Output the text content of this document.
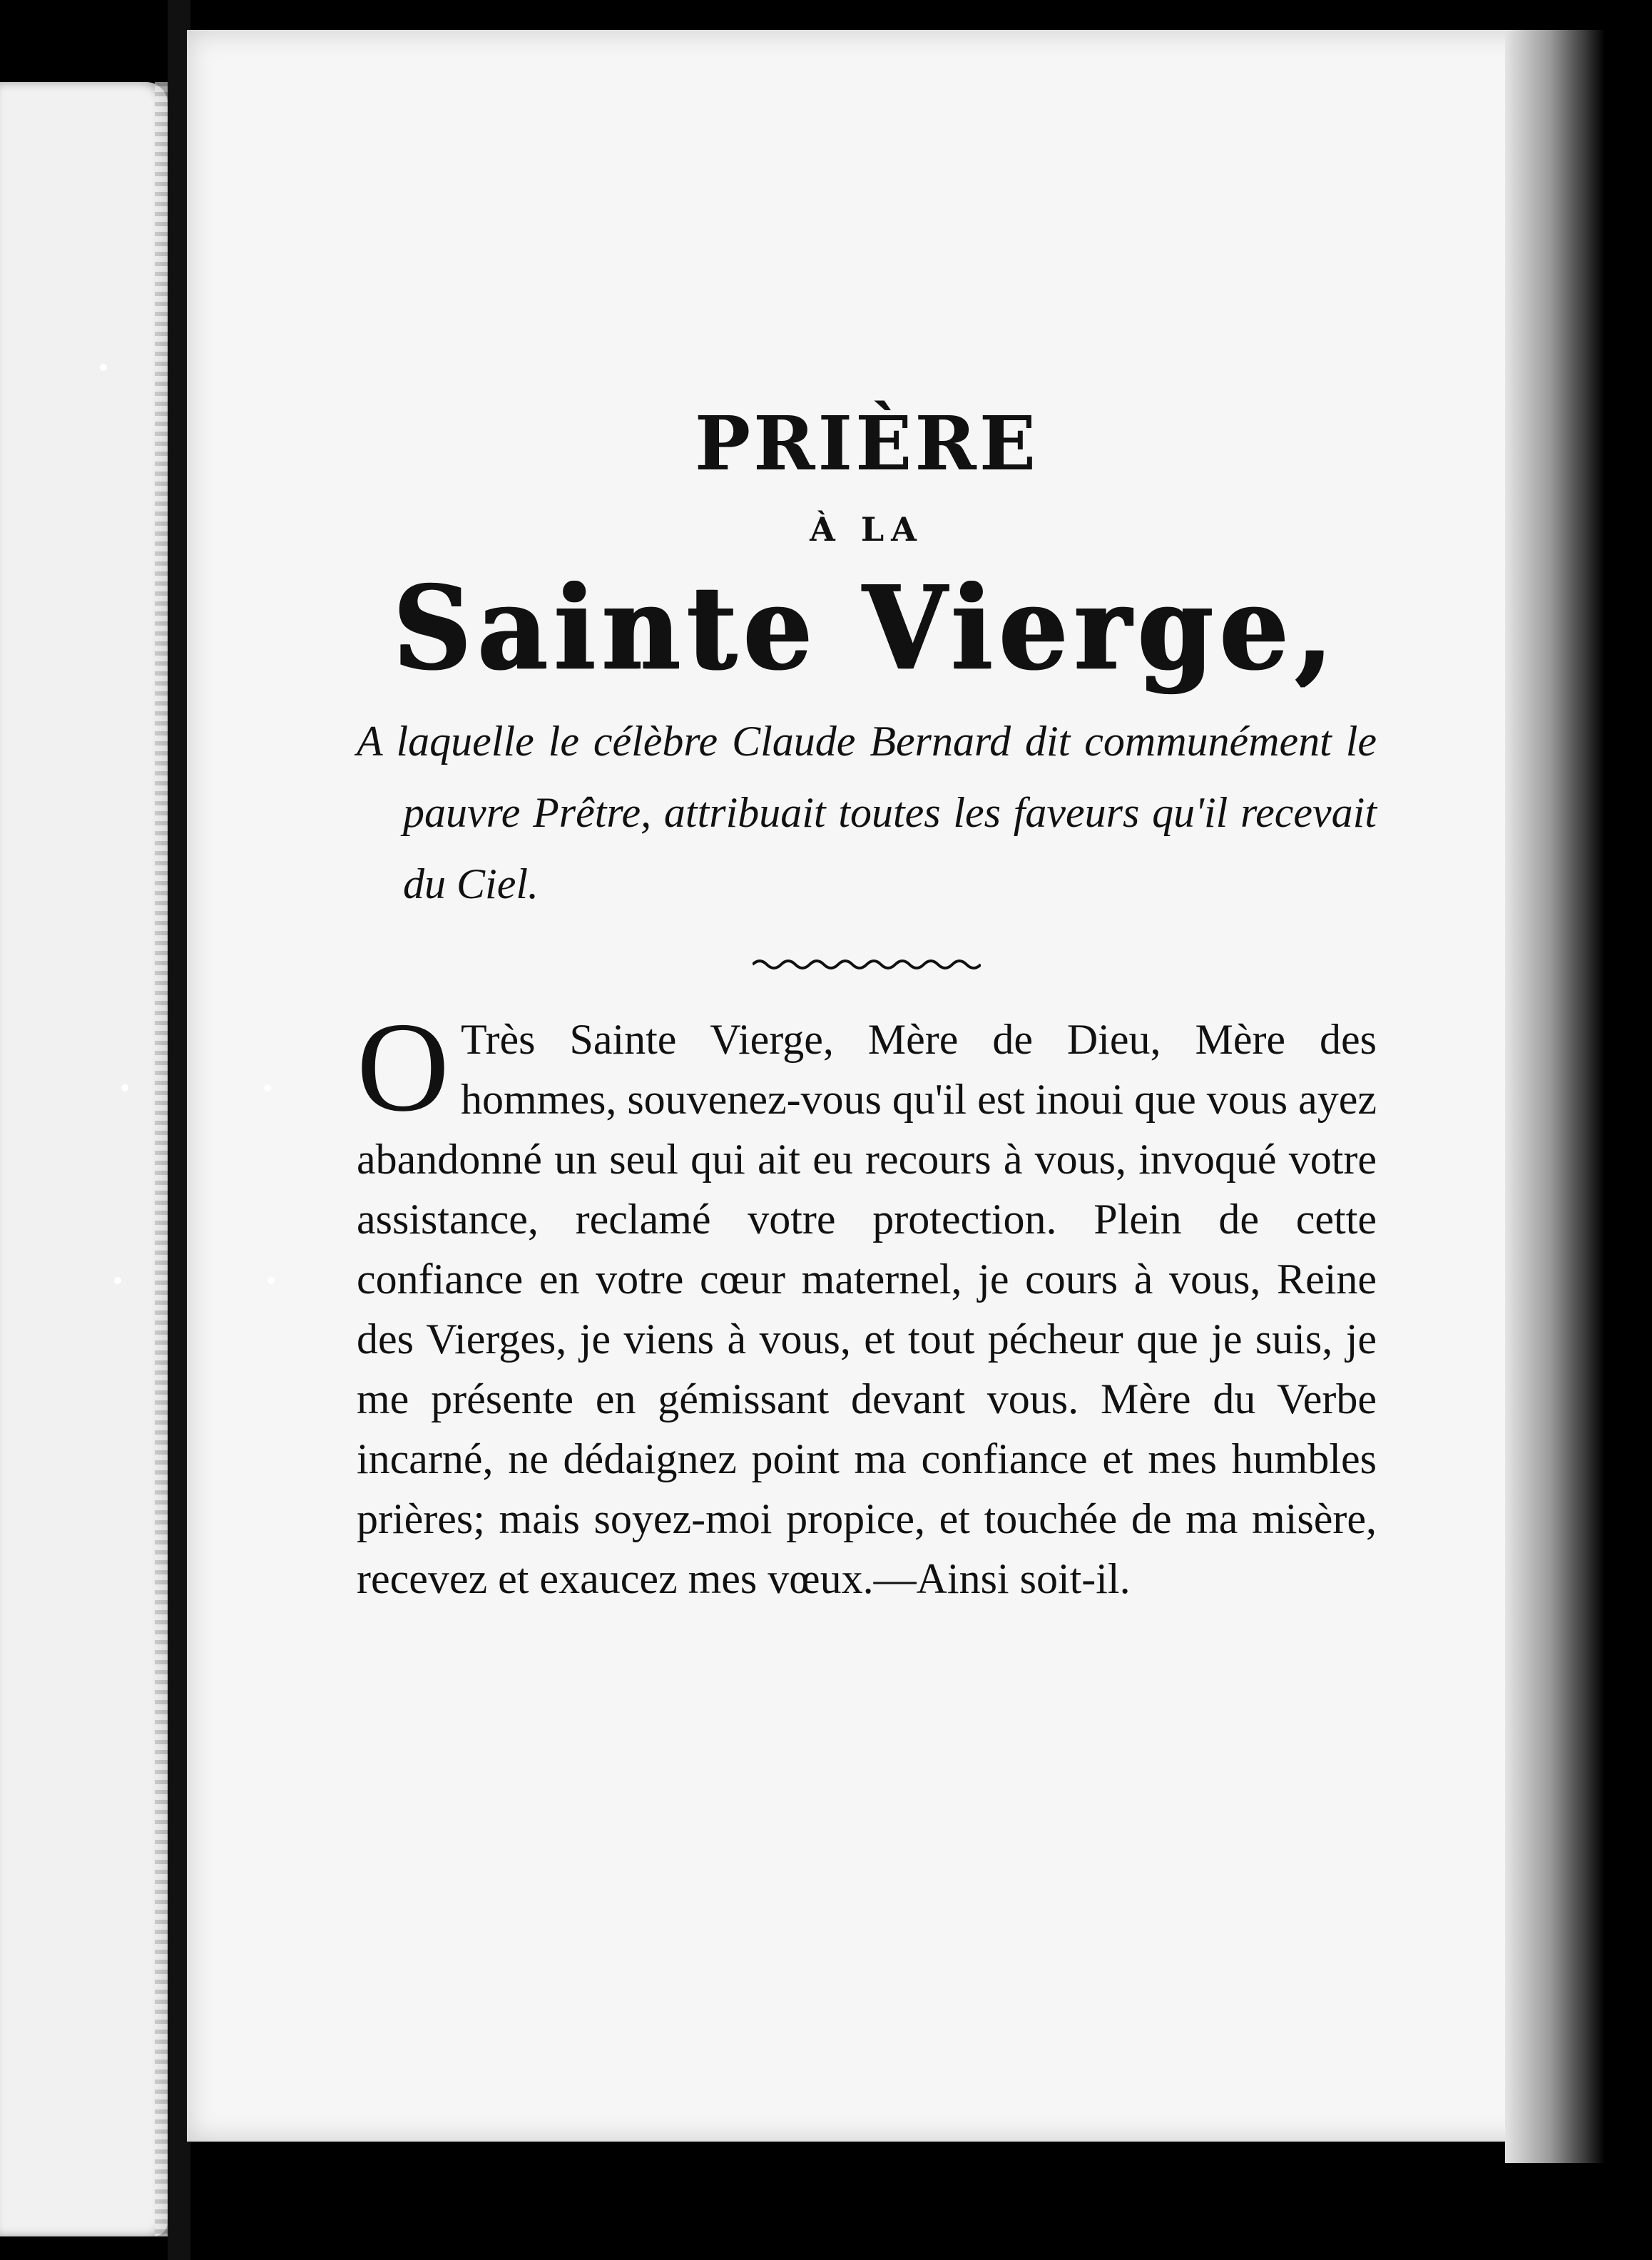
PRIÈRE
À LA
Sainte Vierge,

A laquelle le célèbre Claude Bernard dit communément le pauvre Prêtre, attribuait toutes les faveurs qu'il recevait du Ciel.

O Très Sainte Vierge, Mère de Dieu, Mère des hommes, souvenez-vous qu'il est inoui que vous ayez abandonné un seul qui ait eu recours à vous, invoqué votre assistance, reclamé votre protection. Plein de cette confiance en votre cœur maternel, je cours à vous, Reine des Vierges, je viens à vous, et tout pécheur que je suis, je me présente en gémissant devant vous. Mère du Verbe incarné, ne dédaignez point ma confiance et mes humbles prières; mais soyez-moi propice, et touchée de ma misère, recevez et exaucez mes vœux.—Ainsi soit-il.
